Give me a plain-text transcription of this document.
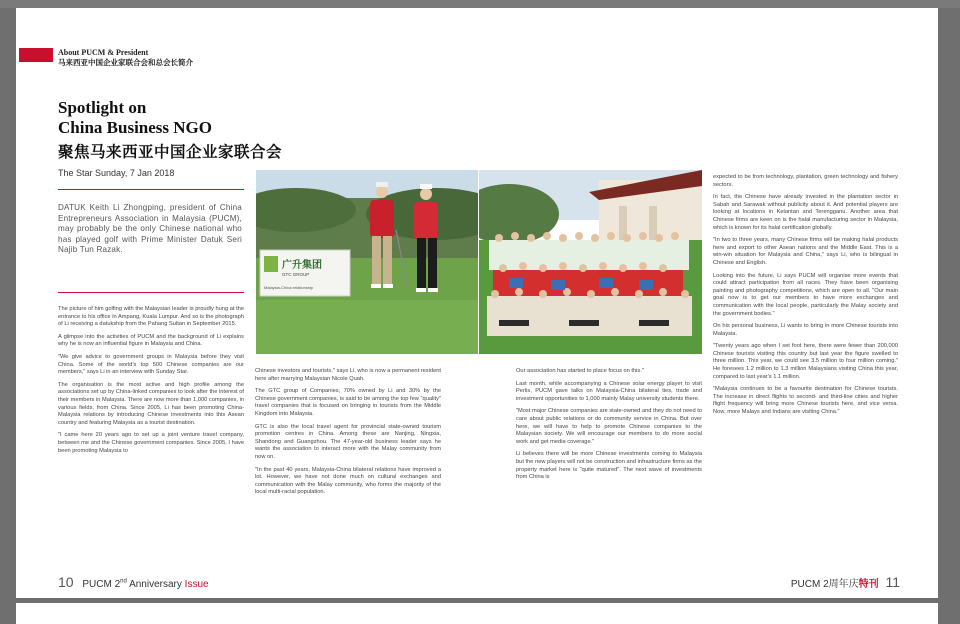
About PUCM & President
马来西亚中国企业家联合会和总会长简介
Spotlight on
China Business NGO
聚焦马来西亚中国企业家联合会
The Star Sunday, 7 Jan 2018
DATUK Keith Li Zhongping, president of China Entrepreneurs Association in Malaysia (PUCM), may probably be the only Chinese national who has played golf with Prime Minister Datuk Seri Najib Tun Razak.

The picture of him golfing with the Malaysian leader is proudly hung at the entrance to his office in Ampang, Kuala Lumpur. And so is the photograph of Li receiving a datukship from the Pahang Sultan in September 2015.

A glimpse into the activities of PUCM and the background of Li explains why he is now an influential figure in Malaysia and China.

"We give advice to government groups in Malaysia before they visit China. Some of the world's top 500 Chinese companies are our members," says Li in an interview with Sunday Star.

The organisation is the most active and high profile among the associations set up by China-linked companies to look after the interest of their members in Malaysia. There are now more than 1,000 companies, in various fields, from China. Since 2005, Li has been promoting China-Malaysia relations by introducing Chinese investments into this Asean country and featuring Malaysia as a tourist destination.

"I came here 20 years ago to set up a joint venture travel company, between me and the Chinese government companies. Since 2005, I have been promoting Malaysia to

Chinese investors and tourists," says Li, who is now a permanent resident here after marrying Malaysian Nicole Quah.

The GTC group of Companies, 70% owned by Li and 30% by the Chinese government companies, is said to be among the top few "quality" travel companies that is focused on bringing in tourists from the Middle Kingdom into Malaysia.

GTC is also the local travel agent for provincial state-owned tourism promotion centres in China. Among these are Nanjing, Ningxia, Shandong and Guangzhou. The 47-year-old business leader says he wants the association to interact more with the Malay community from now on.

"In the past 40 years, Malaysia-China bilateral relations have improved a lot. However, we have not done much on cultural exchanges and communication with the Malay community, who forms the majority of the local multi-racial population.

Our association has started to place focus on this."

Last month, while accompanying a Chinese solar energy player to visit Perlis, PUCM gave talks on Malaysia-China bilateral ties, trade and investment opportunities to 1,000 mainly Malay university students there.

"Most major Chinese companies are state-owned and they do not need to care about public relations or do community service in China. But over here, we will have to help to promote Chinese companies to the Malaysian society. We will encourage our members to do more social work and get media coverage."

Li believes there will be more Chinese investments coming to Malaysia but the new players will not be construction and infrastructure firms as the property market here is "quite matured". The next wave of investments from China is

expected to be from technology, plantation, green technology and fishery sectors.

In fact, the Chinese have already invested in the plantation sector in Sabah and Sarawak without publicity about it. And potential players are looking at locations in Kelantan and Terengganu. Another area that Chinese firms are keen on is the halal manufacturing sector in Malaysia, which is known for its halal certification globally.

"In two to three years, many Chinese firms will be making halal products here and export to other Asean nations and the Middle East. This is a win-win situation for Malaysia and China," says Li, who is bilingual in Chinese and English.

Looking into the future, Li says PUCM will organise more events that could attract participation from all races. They have been organising painting and photography competitions, which are open to all. "Our main goal now is to get our members to have more exchanges and communication with the local people, particularly the Malay society and the government bodies."

On his personal business, Li wants to bring in more Chinese tourists into Malaysia.

"Twenty years ago when I set foot here, there were fewer than 200,000 Chinese tourists visiting this country but last year the figure swelled to three million. This year, we could see 3.5 million to four million coming." He foresees 1.2 million to 1.3 million Malaysians visiting China this year, compared to last year's 1.1 million.

"Malaysia continues to be a favourite destination for Chinese tourists. The increase in direct flights to second- and third-line cities and higher flight frequency will bring more Chinese tourists here, and vice versa. Now, more Malays and Indians are visiting China."

广升集团
GTC GROUP
Malaysia-China relationship
10 PUCM 2nd Anniversary Issue	PUCM 2周年庆特刊 11
